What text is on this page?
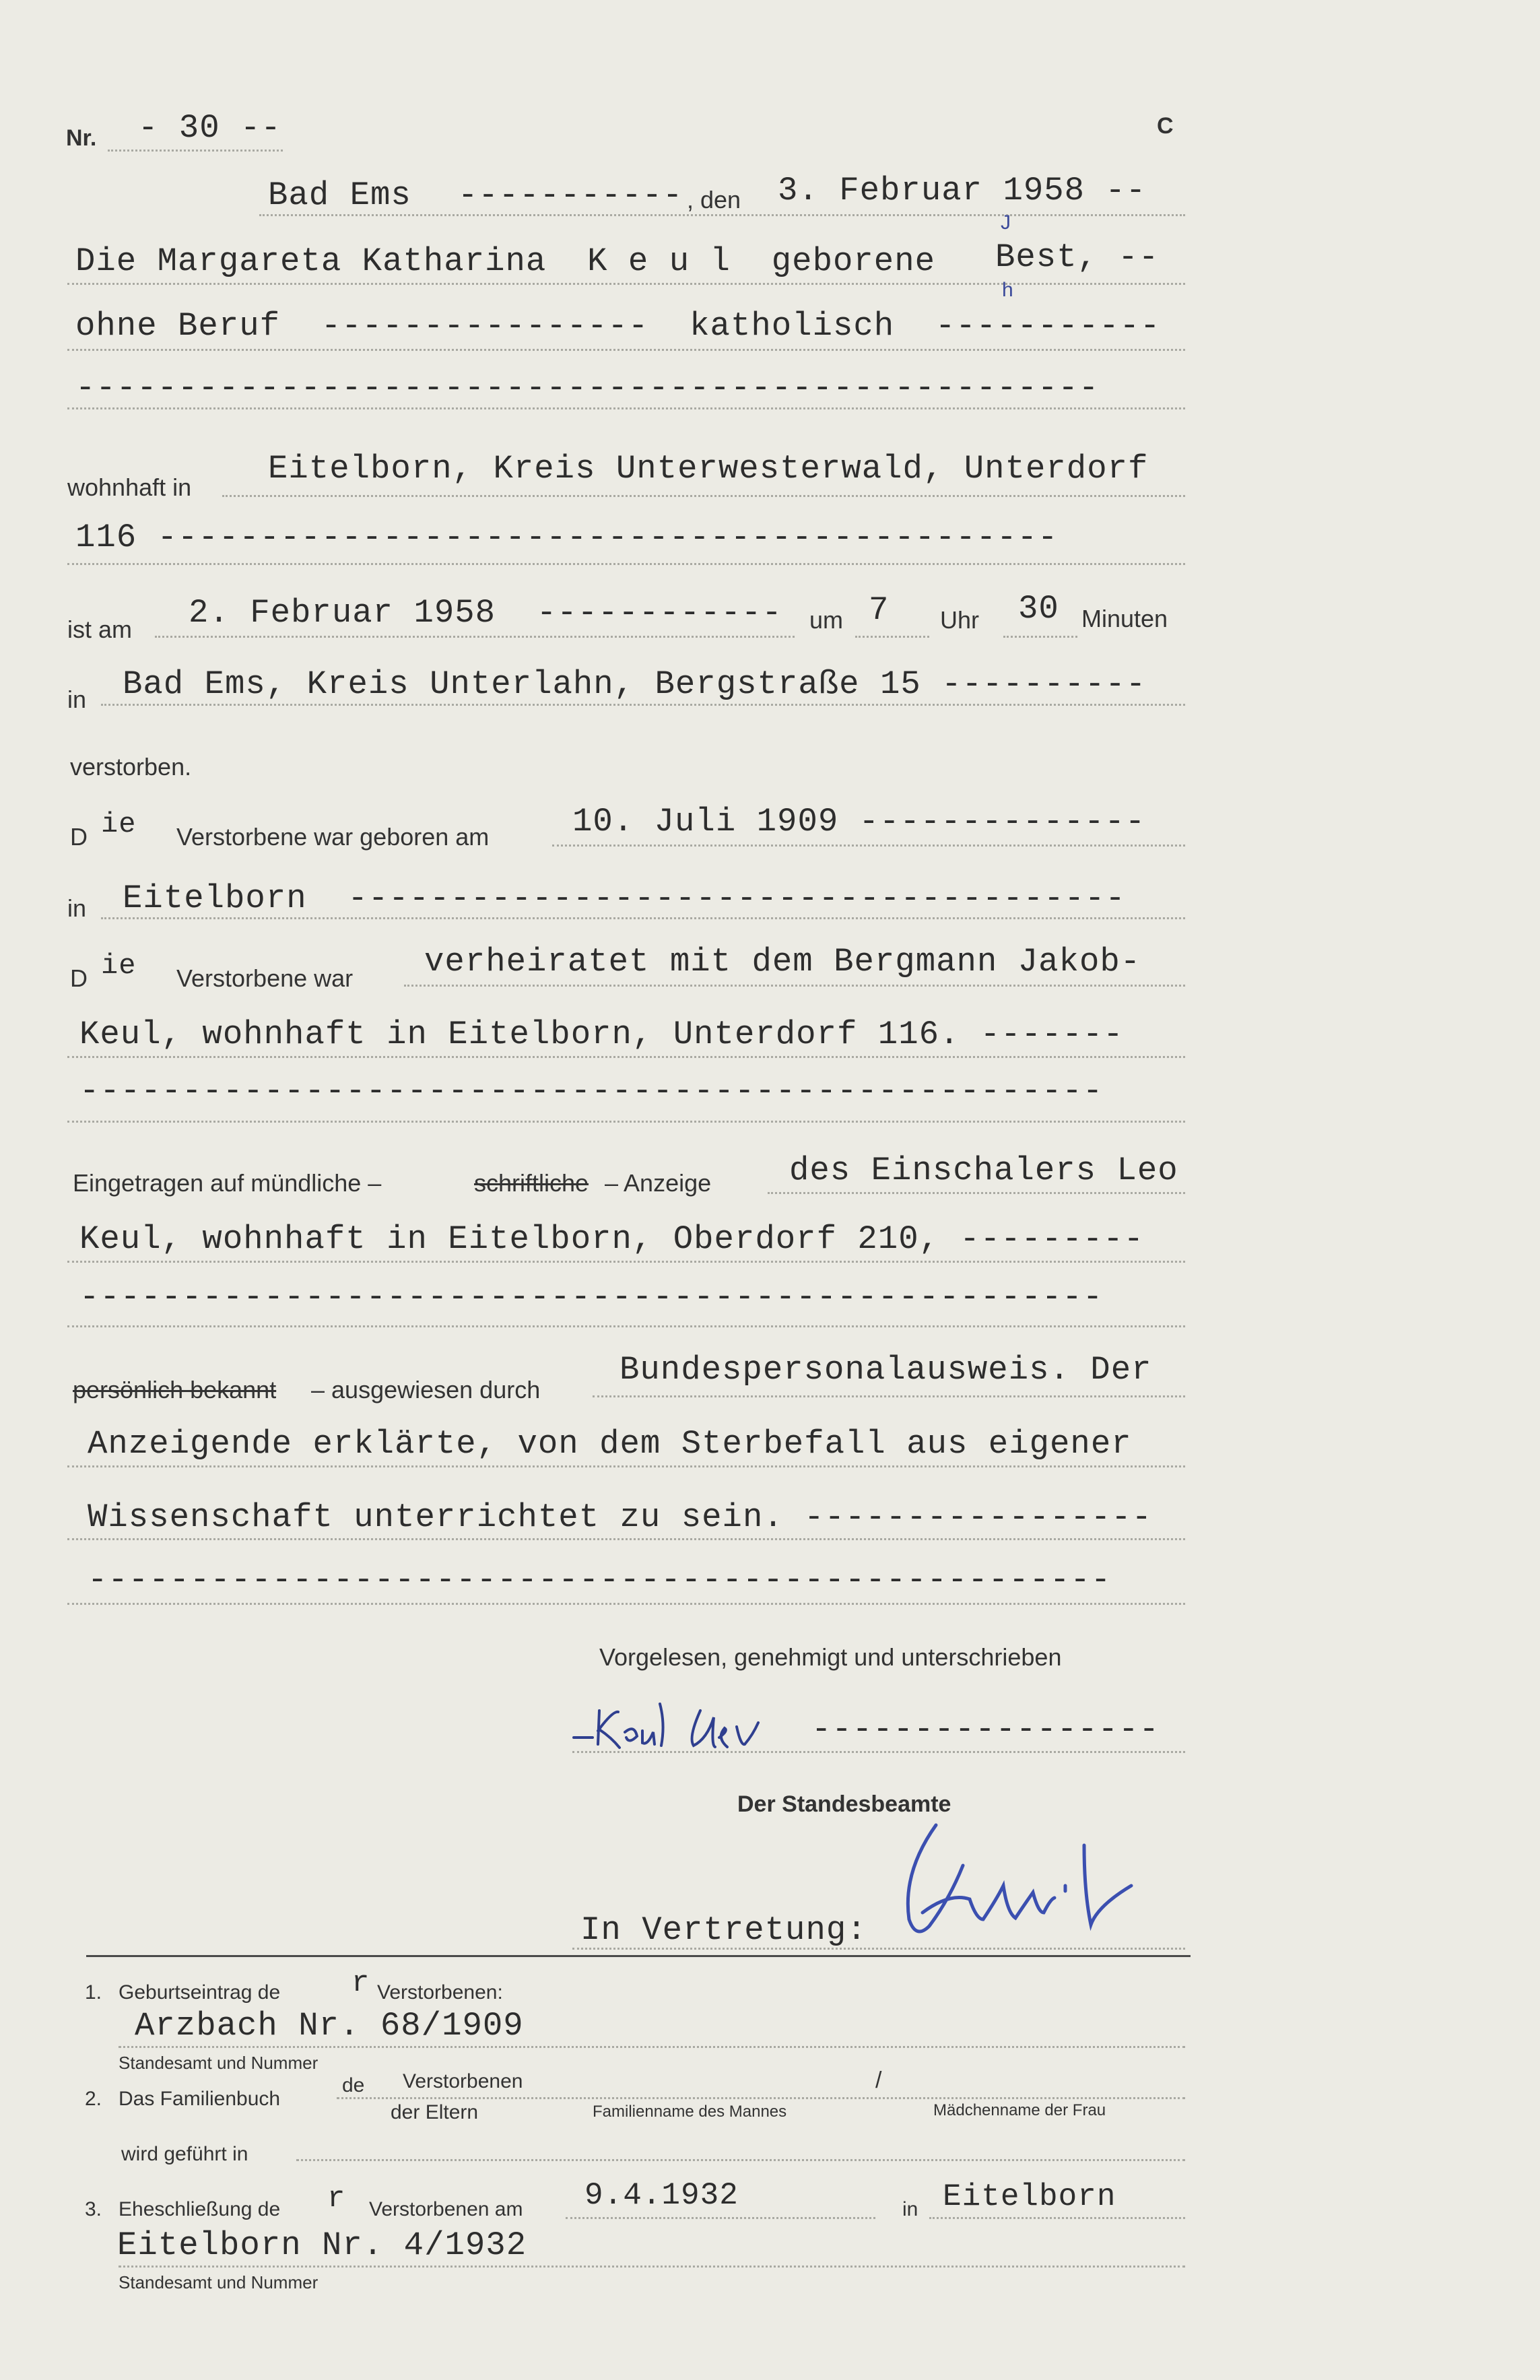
Nr. - 30 --	C
Bad Ems ----------- , den 3. Februar 1958 --
Die Margareta Katharina  K e u l  geborene Best, --
J
h
ohne Beruf  ----------------  katholisch  -----------
--------------------------------------------------
wohnhaft in Eitelborn, Kreis Unterwesterwald, Unterdorf
116 --------------------------------------------
ist am 2. Februar 1958  ------------ um 7 Uhr 30 Minuten
in Bad Ems, Kreis Unterlahn, Bergstraße 15 ----------
verstorben.
D ie Verstorbene war geboren am	10. Juli 1909 --------------
in Eitelborn  --------------------------------------
D ie Verstorbene war verheiratet mit dem Bergmann Jakob-
Keul, wohnhaft in Eitelborn, Unterdorf 116. -------
--------------------------------------------------
Eingetragen auf mündliche –	schriftliche – Anzeige des Einschalers Leo
Keul, wohnhaft in Eitelborn, Oberdorf 210, ---------
--------------------------------------------------
persönlich bekannt – ausgewiesen durch
Bundespersonalausweis. Der
Anzeigende erklärte, von dem Sterbefall aus eigener
Wissenschaft unterrichtet zu sein. -----------------
--------------------------------------------------
Vorgelesen, genehmigt und unterschrieben
-----------------
Der Standesbeamte
In Vertretung:
1. Geburtseintrag de r Verstorbenen:
Arzbach Nr. 68/1909
Standesamt und Nummer
2. Das Familienbuch
de Verstorbenen
der Eltern
/
Familienname des Mannes	Mädchenname der Frau
wird geführt in
3. Eheschließung de r Verstorbenen am 9.4.1932	in Eitelborn
Eitelborn Nr. 4/1932
Standesamt und Nummer
